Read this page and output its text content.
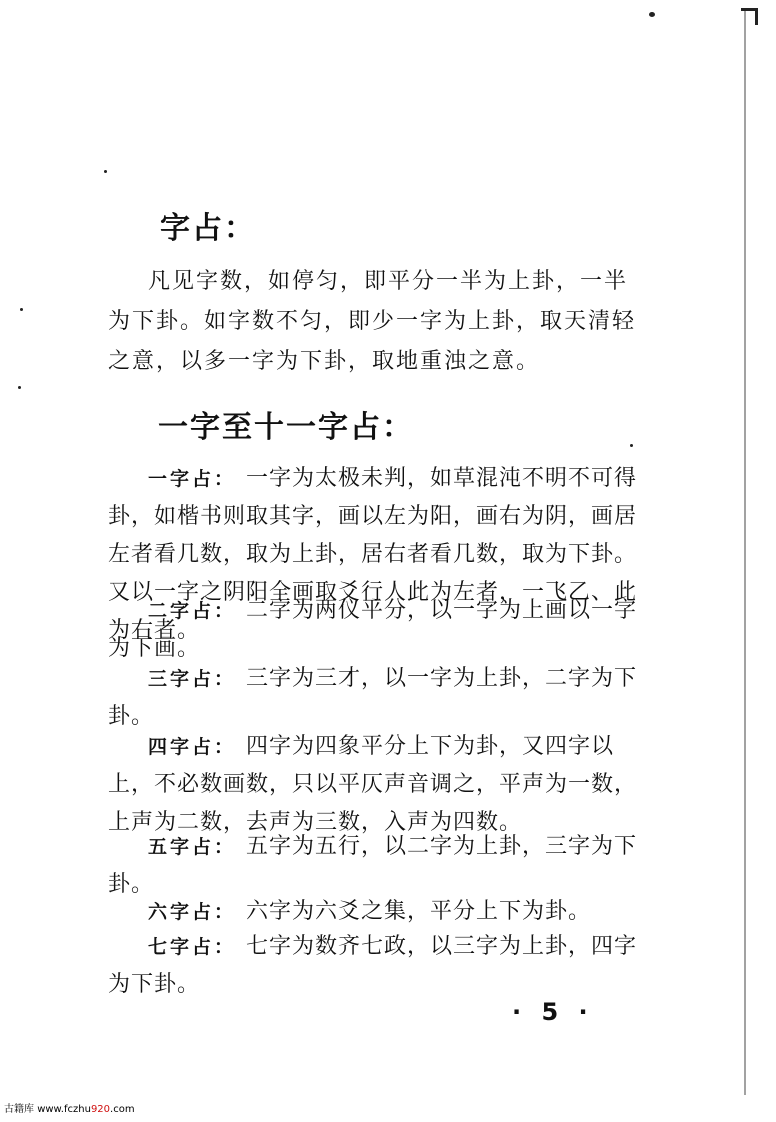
字占：

凡见字数，如停匀，即平分一半为上卦，一半为下卦。如字数不匀，即少一字为上卦，取天清轻之意，以多一字为下卦，取地重浊之意。

一字至十一字占：
一字占： 一字为太极未判，如草混沌不明不可得卦，如楷书则取其字，画以左为阳，画右为阴，画居左者看几数，取为上卦，居右者看几数，取为下卦。又以一字之阴阳全画取爻行人此为左者，一飞乙、此为右者。
二字占： 二字为两仪平分，以一字为上画以一字为下画。
三字占： 三字为三才，以一字为上卦，二字为下卦。
四字占： 四字为四象平分上下为卦，又四字以上，不必数画数，只以平仄声音调之，平声为一数，上声为二数，去声为三数，入声为四数。
五字占： 五字为五行，以二字为上卦，三字为下卦。
六字占： 六字为六爻之集，平分上下为卦。
七字占： 七字为数齐七政，以三字为上卦，四字为下卦。
· 5 ·
古籍库 www.fczhu920.com
